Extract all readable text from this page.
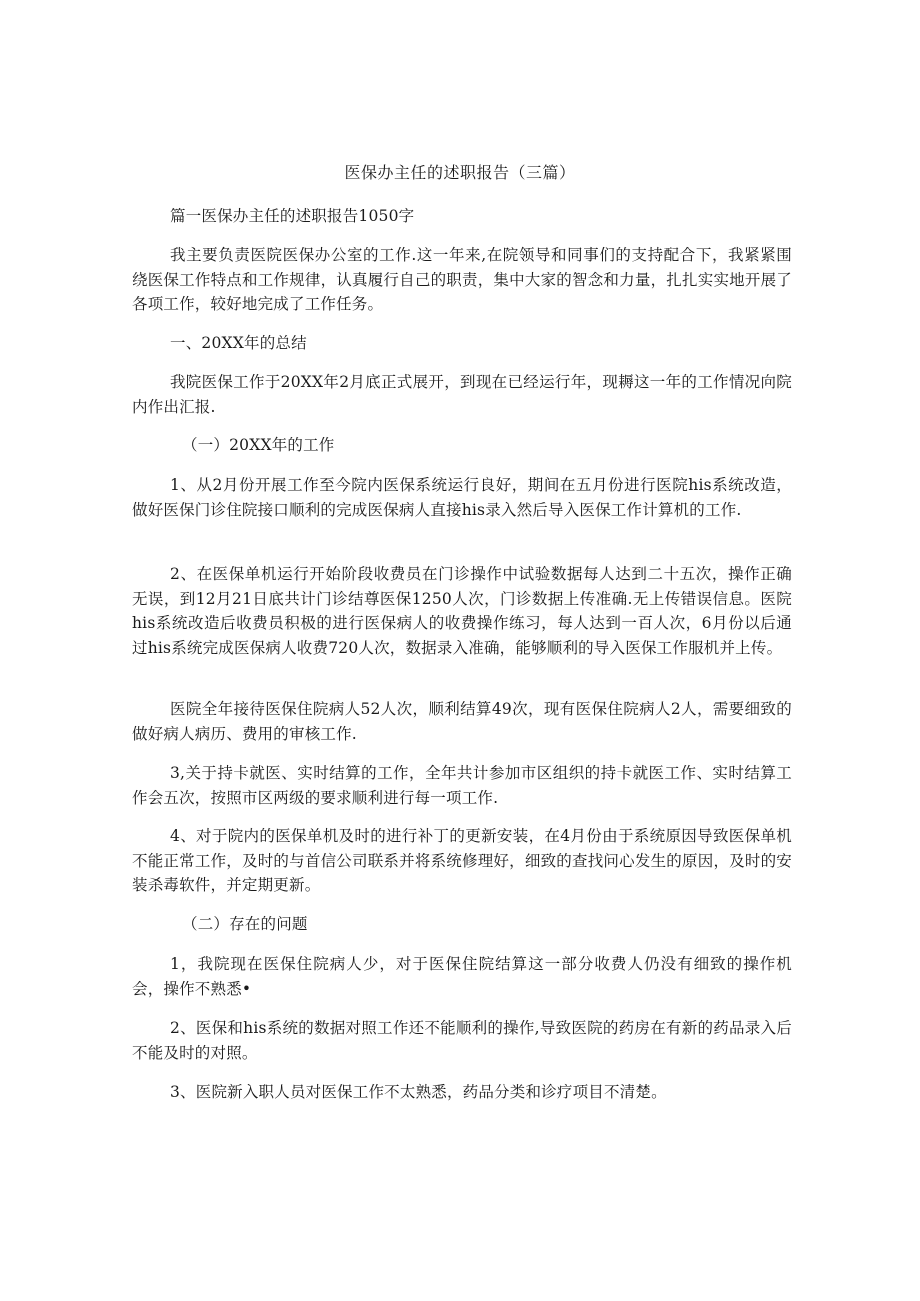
医保办主任的述职报告（三篇）
篇一医保办主任的述职报告1050字
我主要负责医院医保办公室的工作.这一年来,在院领导和同事们的支持配合下，我紧紧围绕医保工作特点和工作规律，认真履行自己的职责，集中大家的智念和力量，扎扎实实地开展了各项工作，较好地完成了工作任务。
一、20XX年的总结
我院医保工作于20XX年2月底正式展开，到现在已经运行年，现耨这一年的工作情况向院内作出汇报.
（一）20XX年的工作
1、从2月份开展工作至今院内医保系统运行良好，期间在五月份进行医院his系统改造，做好医保门诊住院接口顺利的完成医保病人直接his录入然后导入医保工作计算机的工作.
2、在医保单机运行开始阶段收费员在门诊操作中试验数据每人达到二十五次，操作正确无误，到12月21日底共计门诊结尊医保1250人次，门诊数据上传准确.无上传错误信息。医院his系统改造后收费员积极的进行医保病人的收费操作练习，每人达到一百人次，6月份以后通过his系统完成医保病人收费720人次，数据录入准确，能够顺利的导入医保工作服机并上传。
医院全年接待医保住院病人52人次，顺利结算49次，现有医保住院病人2人，需要细致的做好病人病历、费用的审核工作.
3,关于持卡就医、实时结算的工作，全年共计参加市区组织的持卡就医工作、实时结算工作会五次，按照市区两级的要求顺利进行每一项工作.
4、对于院内的医保单机及时的进行补丁的更新安装，在4月份由于系统原因导致医保单机不能正常工作，及时的与首信公司联系并将系统修理好，细致的查找问心发生的原因，及时的安装杀毒软件，并定期更新。
（二）存在的问题
1，我院现在医保住院病人少，对于医保住院结算这一部分收费人仍没有细致的操作机会，操作不熟悉•
2、医保和his系统的数据对照工作还不能顺利的操作,导致医院的药房在有新的药品录入后不能及时的对照。
3、医院新入职人员对医保工作不太熟悉，药品分类和诊疗项目不清楚。
